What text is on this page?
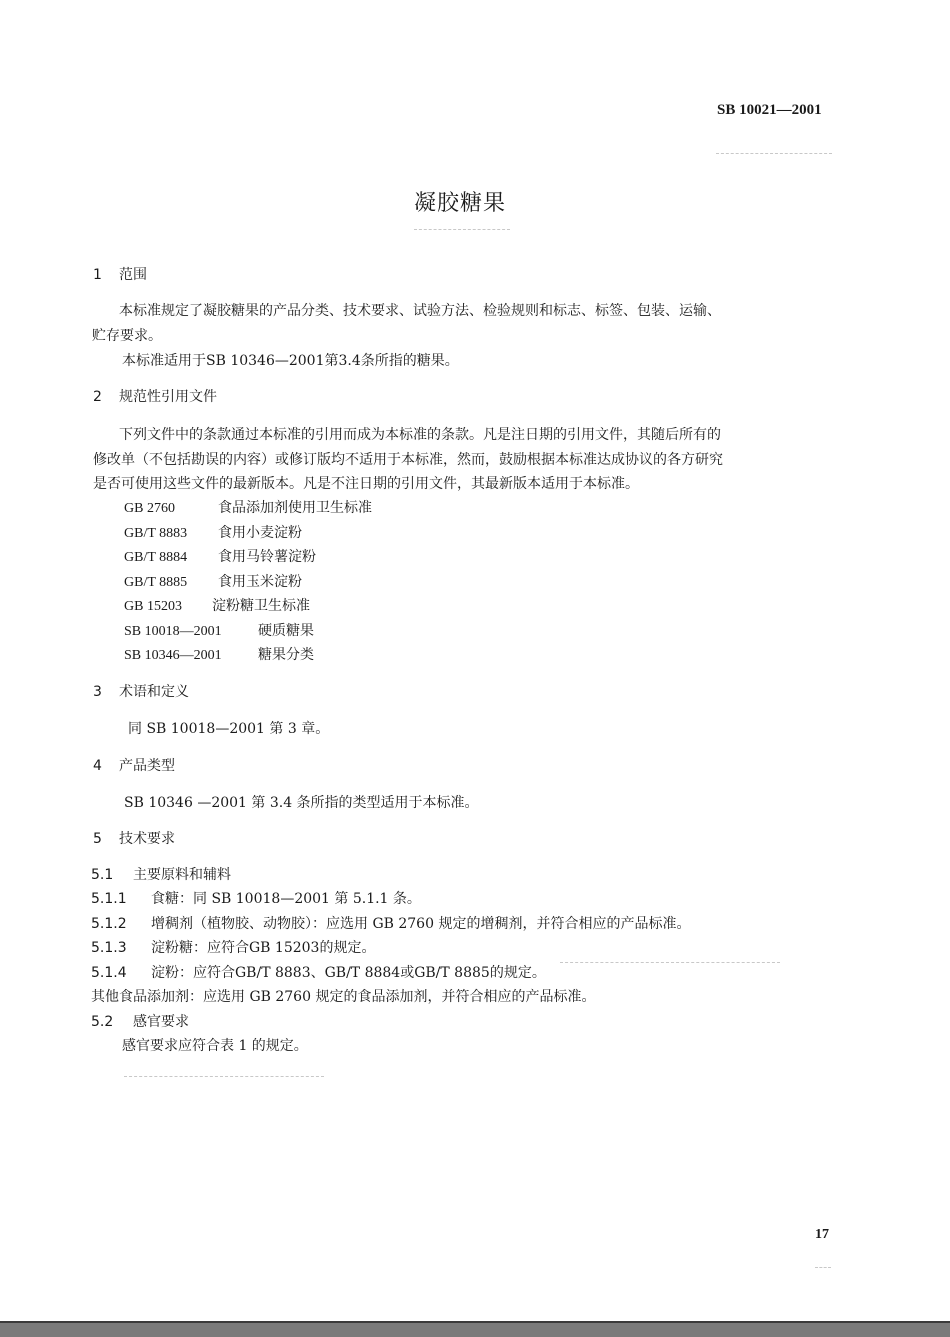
SB 10021—2001
凝胶糖果
1 范围
本标准规定了凝胶糖果的产品分类、技术要求、试验方法、检验规则和标志、标签、包装、运输、
贮存要求。
本标准适用于SB 10346—2001第3.4条所指的糖果。
2 规范性引用文件
下列文件中的条款通过本标准的引用而成为本标准的条款。凡是注日期的引用文件，其随后所有的
修改单（不包括勘误的内容）或修订版均不适用于本标准，然而，鼓励根据本标准达成协议的各方研究
是否可使用这些文件的最新版本。凡是不注日期的引用文件，其最新版本适用于本标准。
GB 2760	食品添加剂使用卫生标准
GB/T 8883 食用小麦淀粉
GB/T 8884 食用马铃薯淀粉
GB/T 8885 食用玉米淀粉
GB 15203 淀粉糖卫生标准
SB 10018—2001	硬质糖果
SB 10346—2001	糖果分类
3 术语和定义
同 SB 10018—2001 第 3 章。
4 产品类型
SB 10346 —2001 第 3.4 条所指的类型适用于本标准。
5 技术要求
5.1 主要原料和辅料
5.1.1 食糖：同 SB 10018—2001 第 5.1.1 条。
5.1.2 增稠剂（植物胶、动物胶）：应选用 GB 2760 规定的增稠剂，并符合相应的产品标准。
5.1.3 淀粉糖：应符合GB 15203的规定。
5.1.4 淀粉：应符合GB/T 8883、GB/T 8884或GB/T 8885的规定。
其他食品添加剂：应选用 GB 2760 规定的食品添加剂，并符合相应的产品标准。
5.2 感官要求
感官要求应符合表 1 的规定。
17
